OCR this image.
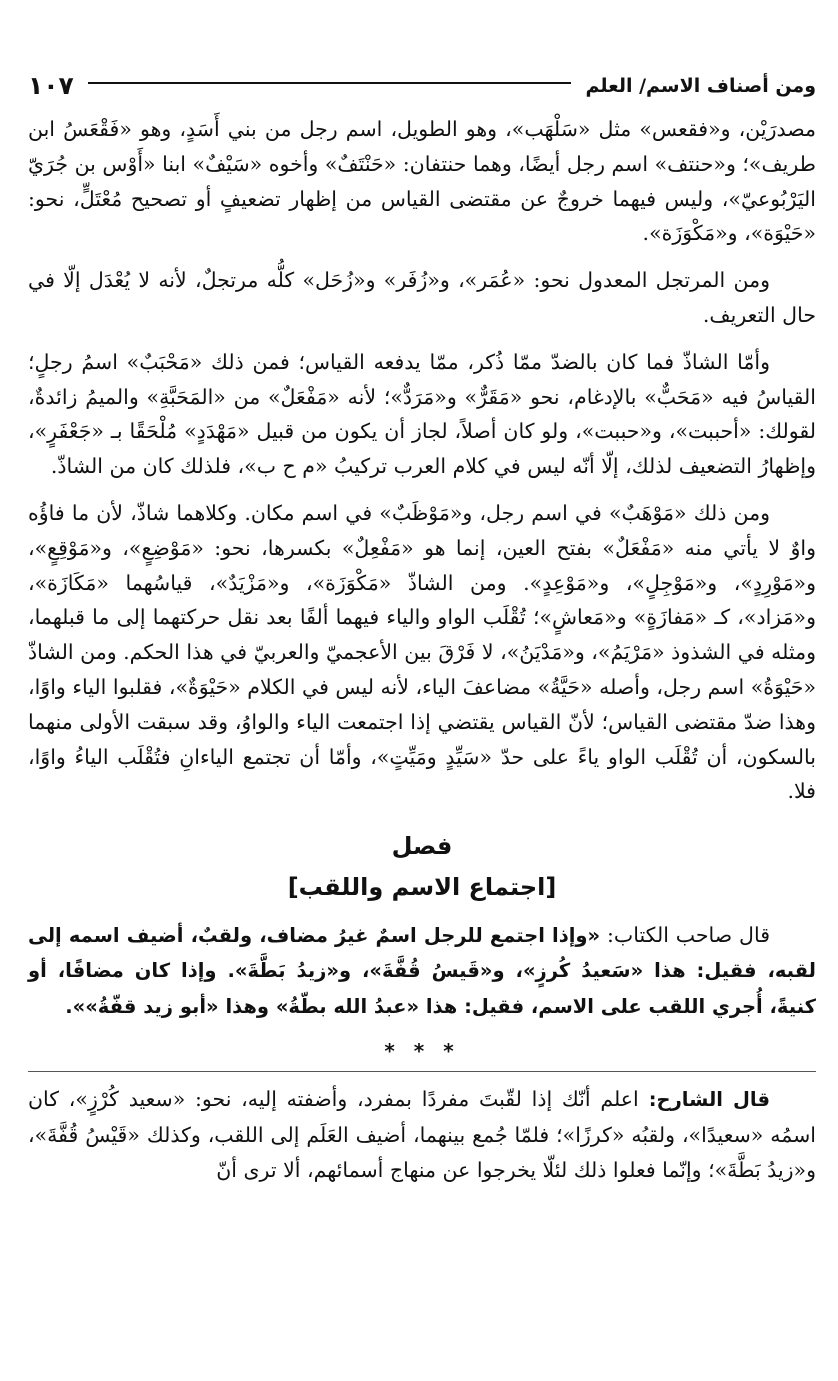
ومن أصناف الاسم/ العلم
١٠٧

مصدرَيْن، و«فقعس» مثل «سَلْهَب»، وهو الطويل، اسم رجل من بني أَسَدٍ، وهو «فَقْعَسُ ابن طريف»؛ و«حنتف» اسم رجل أيضًا، وهما حنتفان: «حَنْتَفٌ» وأخوه «سَيْفٌ» ابنا «أَوْس بن جُرَيّ اليَرْبُوعيّ»، وليس فيهما خروجٌ عن مقتضى القياس من إظهار تضعيفٍ أو تصحيح مُعْتَلٍّ، نحو: «حَيْوَة»، و«مَكْوَزَة».

ومن المرتجل المعدول نحو: «عُمَر»، و«زُفَر» و«زُحَل» كلُّه مرتجلٌ، لأنه لا يُعْدَل إلّا في حال التعريف.

وأمّا الشاذّ فما كان بالضدّ ممّا ذُكر، ممّا يدفعه القياس؛ فمن ذلك «مَحْبَبٌ» اسمُ رجلٍ؛ القياسُ فيه «مَحَبٌّ» بالإدغام، نحو «مَقَرٌّ» و«مَرَدٌّ»؛ لأنه «مَفْعَلٌ» من «المَحَبَّةِ» والميمُ زائدةٌ، لقولك: «أحببت»، و«حببت»، ولو كان أصلاً، لجاز أن يكون من قبيل «مَهْدَدٍ» مُلْحَقًا بـ «جَعْفَرٍ»، وإظهارُ التضعيف لذلك، إلّا أنّه ليس في كلام العرب تركيبُ «م ح ب»، فلذلك كان من الشاذّ.

ومن ذلك «مَوْهَبٌ» في اسم رجل، و«مَوْظَبٌ» في اسم مكان. وكلاهما شاذّ، لأن ما فاؤُه واوٌ لا يأتي منه «مَفْعَلٌ» بفتح العين، إنما هو «مَفْعِلٌ» بكسرها، نحو: «مَوْضِعٍ»، و«مَوْقِعٍ»، و«مَوْرِدٍ»، و«مَوْجِلٍ»، و«مَوْعِدٍ». ومن الشاذّ «مَكْوَزَة»، و«مَزْيَدٌ»، قياسُهما «مَكَازَة»، و«مَزاد»، كـ «مَفازَةٍ» و«مَعاشٍ»؛ تُقْلَب الواو والياء فيهما ألفًا بعد نقل حركتهما إلى ما قبلهما، ومثله في الشذوذ «مَرْيَمُ»، و«مَدْيَنُ»، لا فَرْقَ بين الأعجميّ والعربيّ في هذا الحكم. ومن الشاذّ «حَيْوَةُ» اسم رجل، وأصله «حَيَّةُ» مضاعفَ الياء، لأنه ليس في الكلام «حَيْوَةٌ»، فقلبوا الياء واوًا، وهذا ضدّ مقتضى القياس؛ لأنّ القياس يقتضي إذا اجتمعت الياء والواوُ، وقد سبقت الأولى منهما بالسكون، أن تُقْلَب الواو ياءً على حدّ «سَيِّدٍ ومَيِّتٍ»، وأمّا أن تجتمع الياءانِ فتُقْلَب الياءُ واوًا، فلا.

فصل
[اجتماع الاسم واللقب]

قال صاحب الكتاب: «وإذا اجتمع للرجل اسمٌ غيرُ مضاف، ولقبٌ، أضيف اسمه إلى لقبه، فقيل: هذا «سَعيدُ كُرزٍ»، و«قَيسُ قُفَّةَ»، و«زيدُ بَطَّةَ». وإذا كان مضافًا، أو كنيةً، أُجري اللقب على الاسم، فقيل: هذا «عبدُ الله بطّةُ» وهذا «أبو زيد قفّةُ»».

* * *

قال الشارح: اعلم أنّك إذا لقّبتَ مفردًا بمفرد، وأضفته إليه، نحو: «سعيد كُرْزٍ»، كان اسمُه «سعيدًا»، ولقبُه «كرزًا»؛ فلمّا جُمع بينهما، أضيف العَلَم إلى اللقب، وكذلك «قَيْسُ قُفَّةَ»، و«زيدُ بَطَّةَ»؛ وإنّما فعلوا ذلك لئلّا يخرجوا عن منهاج أسمائهم، ألا ترى أنّ
